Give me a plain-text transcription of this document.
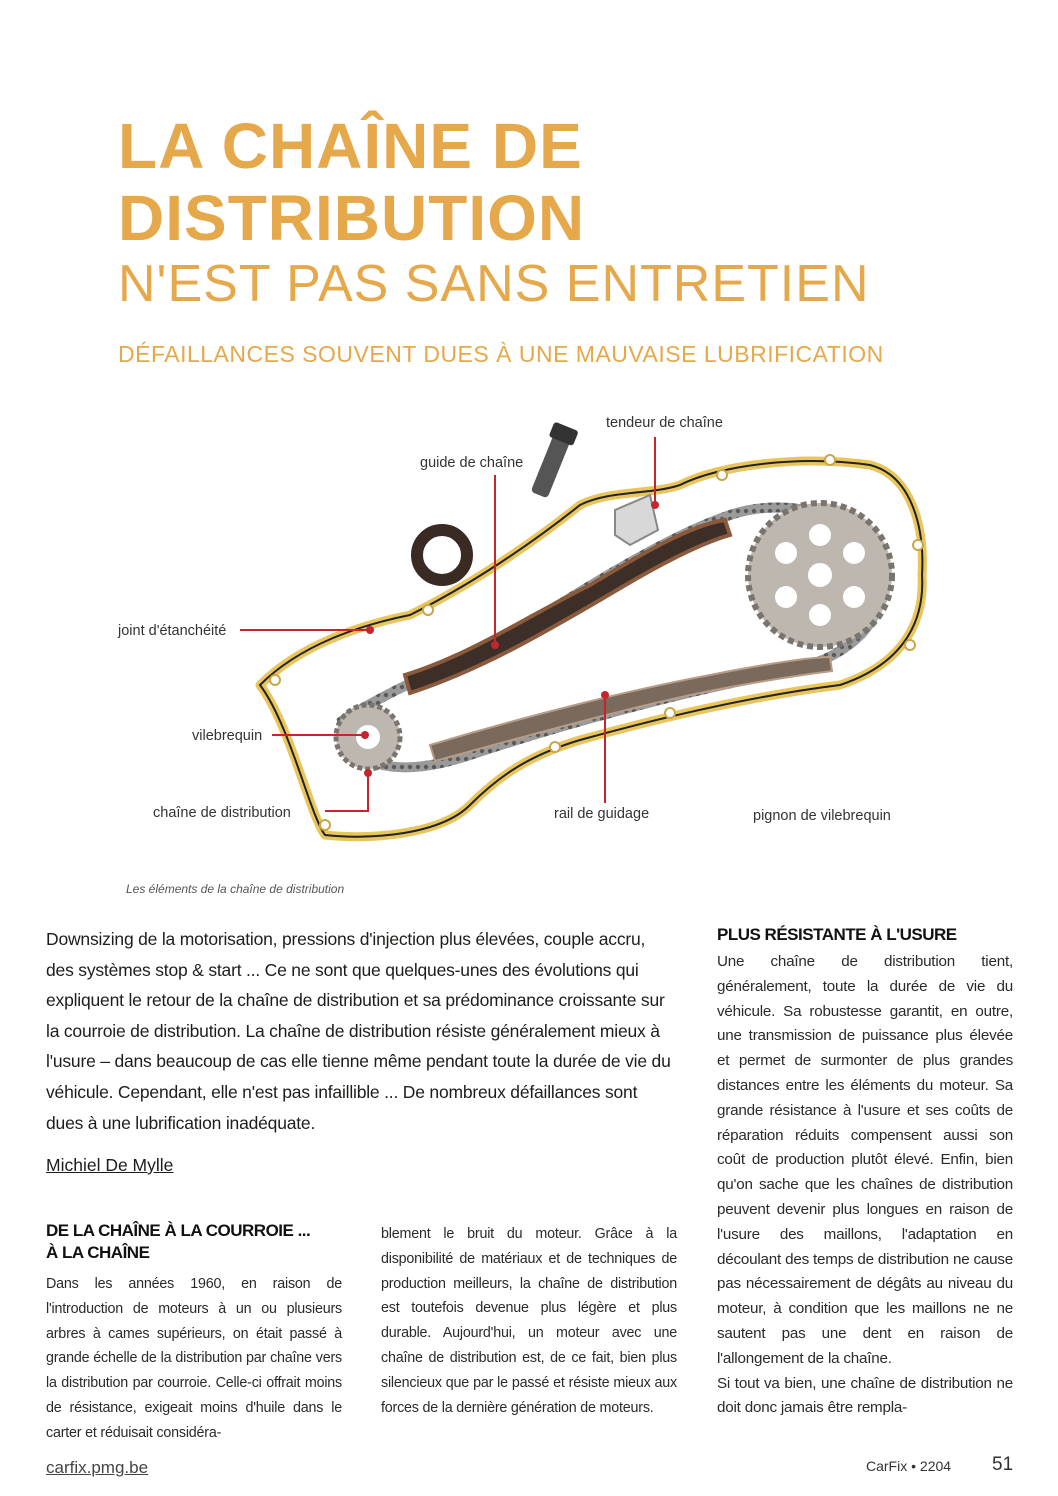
LA CHAÎNE DE
DISTRIBUTION
N'EST PAS SANS ENTRETIEN
DÉFAILLANCES SOUVENT DUES À UNE MAUVAISE LUBRIFICATION
tendeur de chaîne
guide de chaîne
joint d'étanchéité
vilebrequin
chaîne de distribution	rail de guidage	pignon de vilebrequin
Les éléments de la chaîne de distribution
Downsizing de la motorisation, pressions d'injection plus élevées, couple accru, des systèmes stop & start ... Ce ne sont que quelques-unes des évolutions qui expliquent le retour de la chaîne de distribution et sa prédominance croissante sur la courroie de distribution. La chaîne de distribution résiste généralement mieux à l'usure – dans beaucoup de cas elle tienne même pendant toute la durée de vie du véhicule. Cependant, elle n'est pas infaillible ... De nombreux défaillances sont dues à une lubrification inadéquate.
Michiel De Mylle
DE LA CHAÎNE À LA COURROIE ...
À LA CHAÎNE

Dans les années 1960, en raison de l'introduction de moteurs à un ou plusieurs arbres à cames supérieurs, on était passé à grande échelle de la distribution par chaîne vers la distribution par courroie. Celle-ci offrait moins de résistance, exigeait moins d'huile dans le carter et réduisait considéra-

blement le bruit du moteur. Grâce à la disponibilité de matériaux et de techniques de production meilleurs, la chaîne de distribution est toutefois devenue plus légère et plus durable. Aujourd'hui, un moteur avec une chaîne de distribution est, de ce fait, bien plus silencieux que par le passé et résiste mieux aux forces de la dernière génération de moteurs.

PLUS RÉSISTANTE À L'USURE

Une chaîne de distribution tient, généralement, toute la durée de vie du véhicule. Sa robustesse garantit, en outre, une transmission de puissance plus élevée et permet de surmonter de plus grandes distances entre les éléments du moteur. Sa grande résistance à l'usure et ses coûts de réparation réduits compensent aussi son coût de production plutôt élevé. Enfin, bien qu'on sache que les chaînes de distribution peuvent devenir plus longues en raison de l'usure des maillons, l'adaptation en découlant des temps de distribution ne cause pas nécessairement de dégâts au niveau du moteur, à condition que les maillons ne ne sautent pas une dent en raison de l'allongement de la chaîne.

Si tout va bien, une chaîne de distribution ne doit donc jamais être rempla-

carfix.pmg.be	CarFix • 2204 51
